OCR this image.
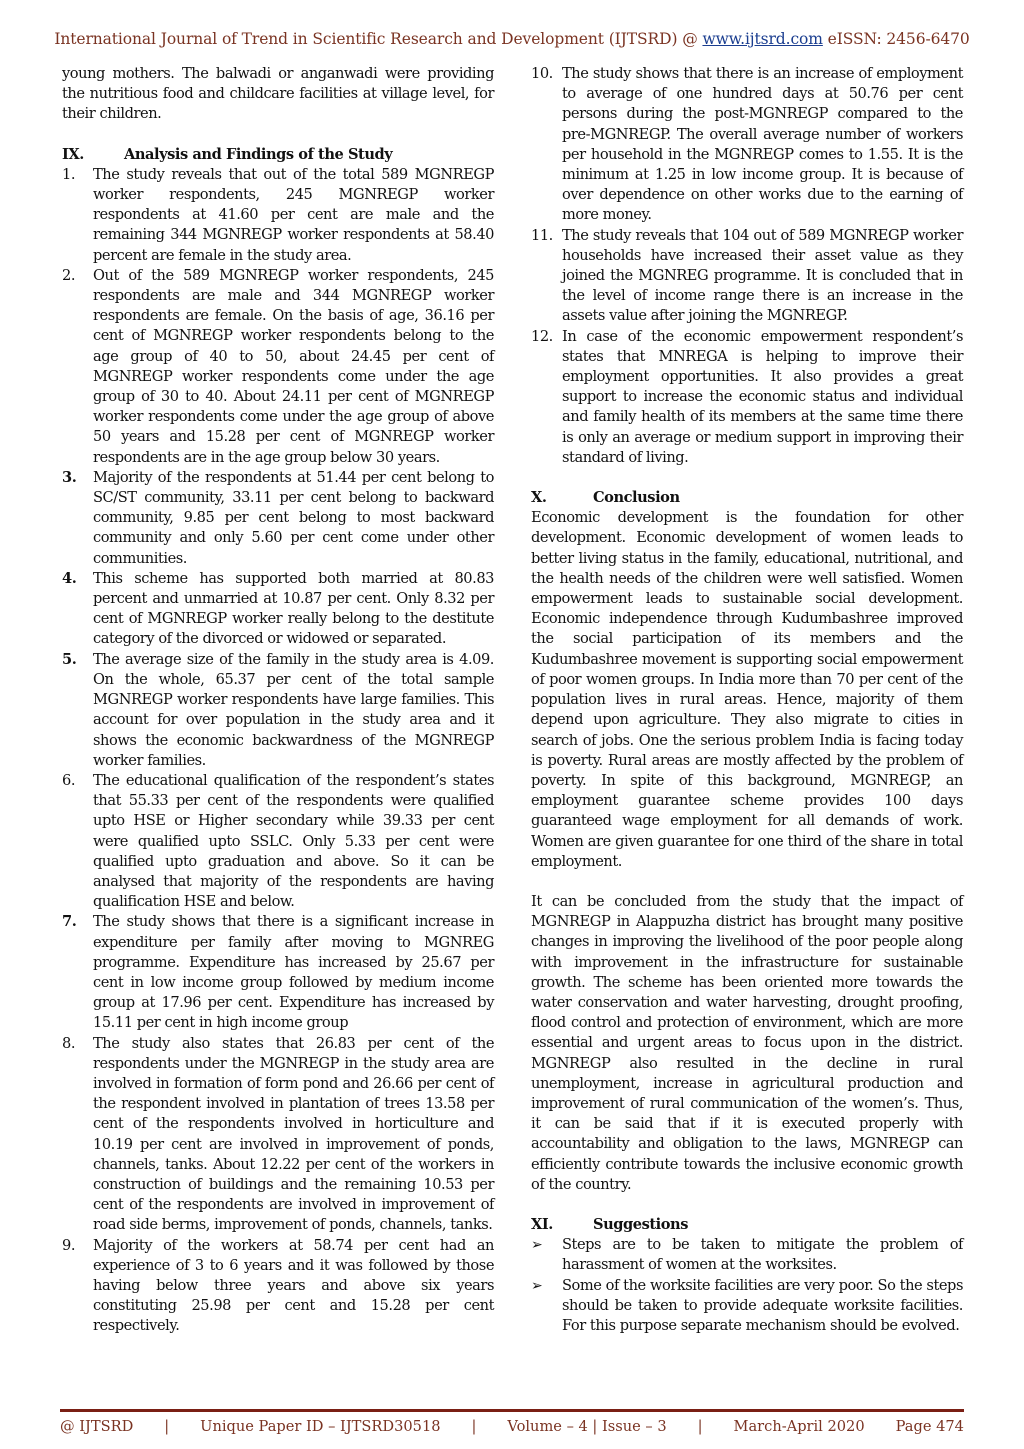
International Journal of Trend in Scientific Research and Development (IJTSRD) @ www.ijtsrd.com eISSN: 2456-6470

young mothers. The balwadi or anganwadi were providing the nutritious food and childcare facilities at village level, for their children.

IX.	Analysis and Findings of the Study

1. The study reveals that out of the total 589 MGNREGP worker respondents, 245 MGNREGP worker respondents at 41.60 per cent are male and the remaining 344 MGNREGP worker respondents at 58.40 percent are female in the study area.
2. Out of the 589 MGNREGP worker respondents, 245 respondents are male and 344 MGNREGP worker respondents are female. On the basis of age, 36.16 per cent of MGNREGP worker respondents belong to the age group of 40 to 50, about 24.45 per cent of MGNREGP worker respondents come under the age group of 30 to 40. About 24.11 per cent of MGNREGP worker respondents come under the age group of above 50 years and 15.28 per cent of MGNREGP worker respondents are in the age group below 30 years.
3. Majority of the respondents at 51.44 per cent belong to SC/ST community, 33.11 per cent belong to backward community, 9.85 per cent belong to most backward community and only 5.60 per cent come under other communities.
4. This scheme has supported both married at 80.83 percent and unmarried at 10.87 per cent. Only 8.32 per cent of MGNREGP worker really belong to the destitute category of the divorced or widowed or separated.
5. The average size of the family in the study area is 4.09. On the whole, 65.37 per cent of the total sample MGNREGP worker respondents have large families. This account for over population in the study area and it shows the economic backwardness of the MGNREGP worker families.
6. The educational qualification of the respondent’s states that 55.33 per cent of the respondents were qualified upto HSE or Higher secondary while 39.33 per cent were qualified upto SSLC. Only 5.33 per cent were qualified upto graduation and above. So it can be analysed that majority of the respondents are having qualification HSE and below.
7. The study shows that there is a significant increase in expenditure per family after moving to MGNREG programme. Expenditure has increased by 25.67 per cent in low income group followed by medium income group at 17.96 per cent. Expenditure has increased by 15.11 per cent in high income group
8. The study also states that 26.83 per cent of the respondents under the MGNREGP in the study area are involved in formation of form pond and 26.66 per cent of the respondent involved in plantation of trees 13.58 per cent of the respondents involved in horticulture and 10.19 per cent are involved in improvement of ponds, channels, tanks. About 12.22 per cent of the workers in construction of buildings and the remaining 10.53 per cent of the respondents are involved in improvement of road side berms, improvement of ponds, channels, tanks.
9. Majority of the workers at 58.74 per cent had an experience of 3 to 6 years and it was followed by those having below three years and above six years constituting 25.98 per cent and 15.28 per cent respectively.
10. The study shows that there is an increase of employment to average of one hundred days at 50.76 per cent persons during the post-MGNREGP compared to the pre-MGNREGP. The overall average number of workers per household in the MGNREGP comes to 1.55. It is the minimum at 1.25 in low income group. It is because of over dependence on other works due to the earning of more money.
11. The study reveals that 104 out of 589 MGNREGP worker households have increased their asset value as they joined the MGNREG programme. It is concluded that in the level of income range there is an increase in the assets value after joining the MGNREGP.
12. In case of the economic empowerment respondent’s states that MNREGA is helping to improve their employment opportunities. It also provides a great support to increase the economic status and individual and family health of its members at the same time there is only an average or medium support in improving their standard of living.

X.	Conclusion

Economic development is the foundation for other development. Economic development of women leads to better living status in the family, educational, nutritional, and the health needs of the children were well satisfied. Women empowerment leads to sustainable social development. Economic independence through Kudumbashree improved the social participation of its members and the Kudumbashree movement is supporting social empowerment of poor women groups. In India more than 70 per cent of the population lives in rural areas. Hence, majority of them depend upon agriculture. They also migrate to cities in search of jobs. One the serious problem India is facing today is poverty. Rural areas are mostly affected by the problem of poverty. In spite of this background, MGNREGP, an employment guarantee scheme provides 100 days guaranteed wage employment for all demands of work. Women are given guarantee for one third of the share in total employment.

It can be concluded from the study that the impact of MGNREGP in Alappuzha district has brought many positive changes in improving the livelihood of the poor people along with improvement in the infrastructure for sustainable growth. The scheme has been oriented more towards the water conservation and water harvesting, drought proofing, flood control and protection of environment, which are more essential and urgent areas to focus upon in the district. MGNREGP also resulted in the decline in rural unemployment, increase in agricultural production and improvement of rural communication of the women’s. Thus, it can be said that if it is executed properly with accountability and obligation to the laws, MGNREGP can efficiently contribute towards the inclusive economic growth of the country.

XI.	Suggestions

➢ Steps are to be taken to mitigate the problem of harassment of women at the worksites.
➢ Some of the worksite facilities are very poor. So the steps should be taken to provide adequate worksite facilities. For this purpose separate mechanism should be evolved.
@ IJTSRD | Unique Paper ID – IJTSRD30518 | Volume – 4 | Issue – 3 | March-April 2020 Page 474
